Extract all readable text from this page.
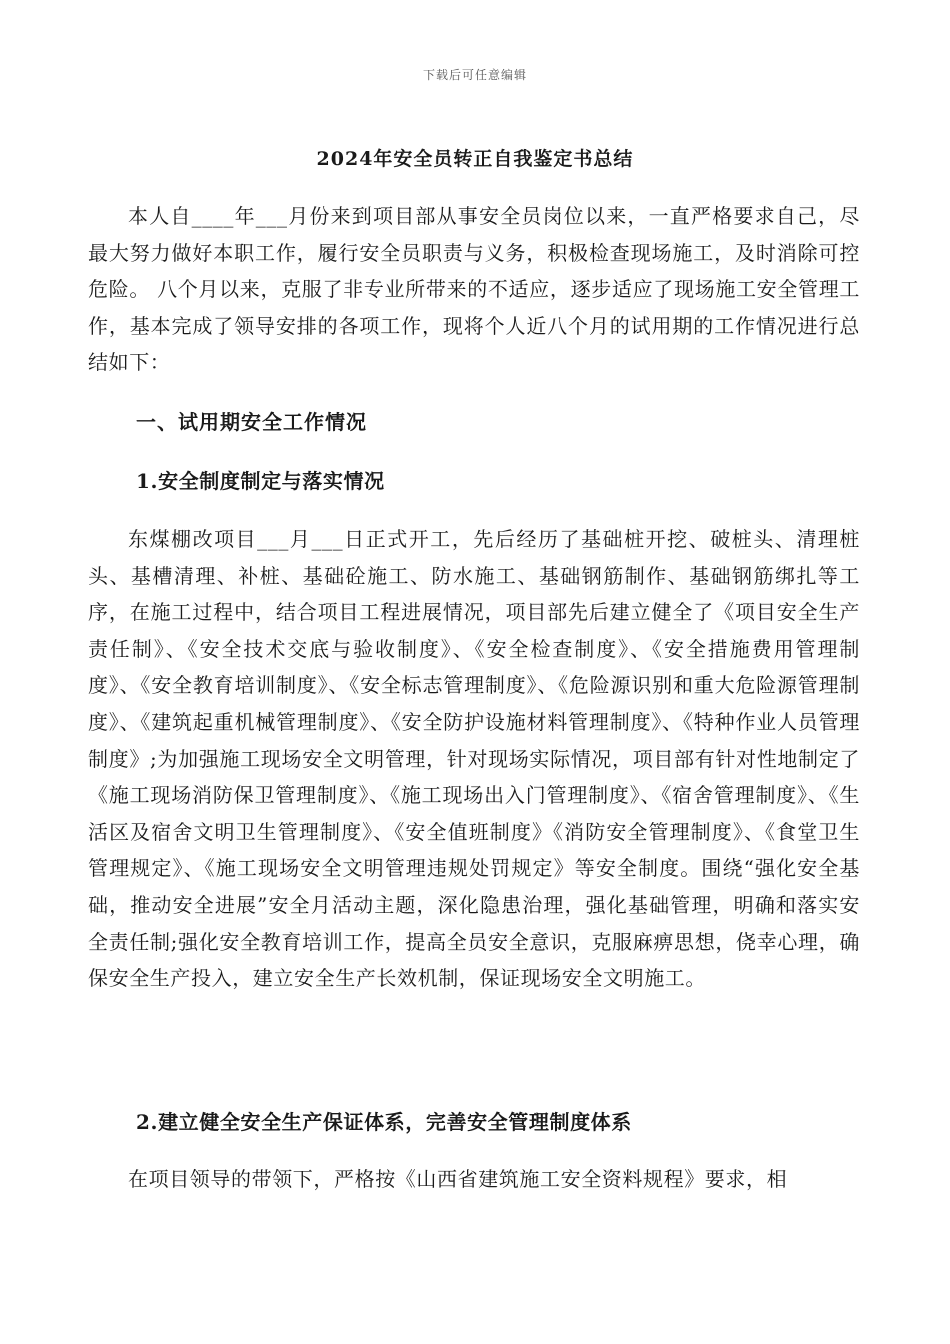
下载后可任意编辑
2024年安全员转正自我鉴定书总结

本人自____年___月份来到项目部从事安全员岗位以来，一直严格要求自己，尽最大努力做好本职工作，履行安全员职责与义务，积极检查现场施工，及时消除可控危险。 八个月以来，克服了非专业所带来的不适应，逐步适应了现场施工安全管理工作，基本完成了领导安排的各项工作，现将个人近八个月的试用期的工作情况进行总结如下：

一、试用期安全工作情况
1.安全制度制定与落实情况

东煤棚改项目___月___日正式开工，先后经历了基础桩开挖、破桩头、清理桩头、基槽清理、补桩、基础砼施工、防水施工、基础钢筋制作、基础钢筋绑扎等工序，在施工过程中，结合项目工程进展情况，项目部先后建立健全了《项目安全生产责任制》、《安全技术交底与验收制度》、《安全检查制度》、《安全措施费用管理制度》、《安全教育培训制度》、《安全标志管理制度》、《危险源识别和重大危险源管理制度》、《建筑起重机械管理制度》、《安全防护设施材料管理制度》、《特种作业人员管理制度》;为加强施工现场安全文明管理，针对现场实际情况，项目部有针对性地制定了《施工现场消防保卫管理制度》、《施工现场出入门管理制度》、《宿舍管理制度》、《生活区及宿舍文明卫生管理制度》、《安全值班制度》《消防安全管理制度》、《食堂卫生管理规定》、《施工现场安全文明管理违规处罚规定》等安全制度。围绕“强化安全基础，推动安全进展”安全月活动主题，深化隐患治理，强化基础管理，明确和落实安全责任制;强化安全教育培训工作，提高全员安全意识，克服麻痹思想，侥幸心理，确保安全生产投入，建立安全生产长效机制，保证现场安全文明施工。

2.建立健全安全生产保证体系，完善安全管理制度体系

在项目领导的带领下，严格按《山西省建筑施工安全资料规程》要求，相
